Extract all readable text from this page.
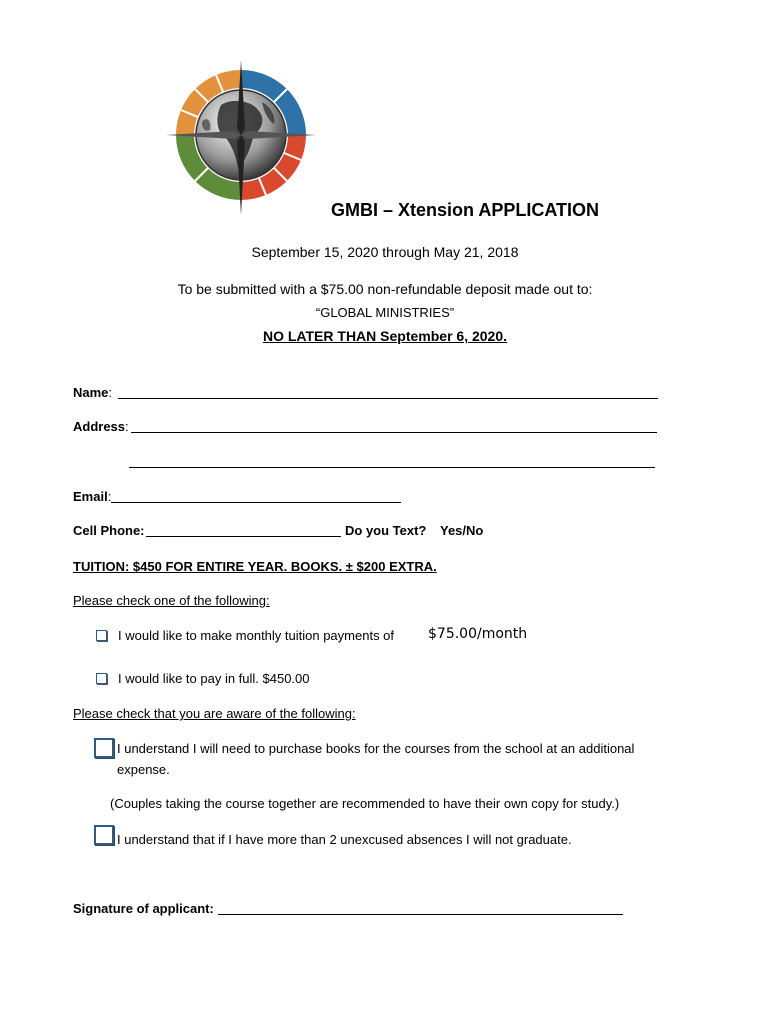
GMBI – Xtension APPLICATION
September 15, 2020 through May 21, 2018
To be submitted with a $75.00 non-refundable deposit made out to:
“GLOBAL MINISTRIES”
NO LATER THAN September 6, 2020.
Name:
Address:
Email:
Cell Phone:	Do you Text? Yes/No
TUITION: $450 FOR ENTIRE YEAR. BOOKS. ± $200 EXTRA.
Please check one of the following:
I would like to make monthly tuition payments of $75.00/month
I would like to pay in full. $450.00
Please check that you are aware of the following:
I understand I will need to purchase books for the courses from the school at an additional
expense.
(Couples taking the course together are recommended to have their own copy for study.)
I understand that if I have more than 2 unexcused absences I will not graduate.
Signature of applicant:
